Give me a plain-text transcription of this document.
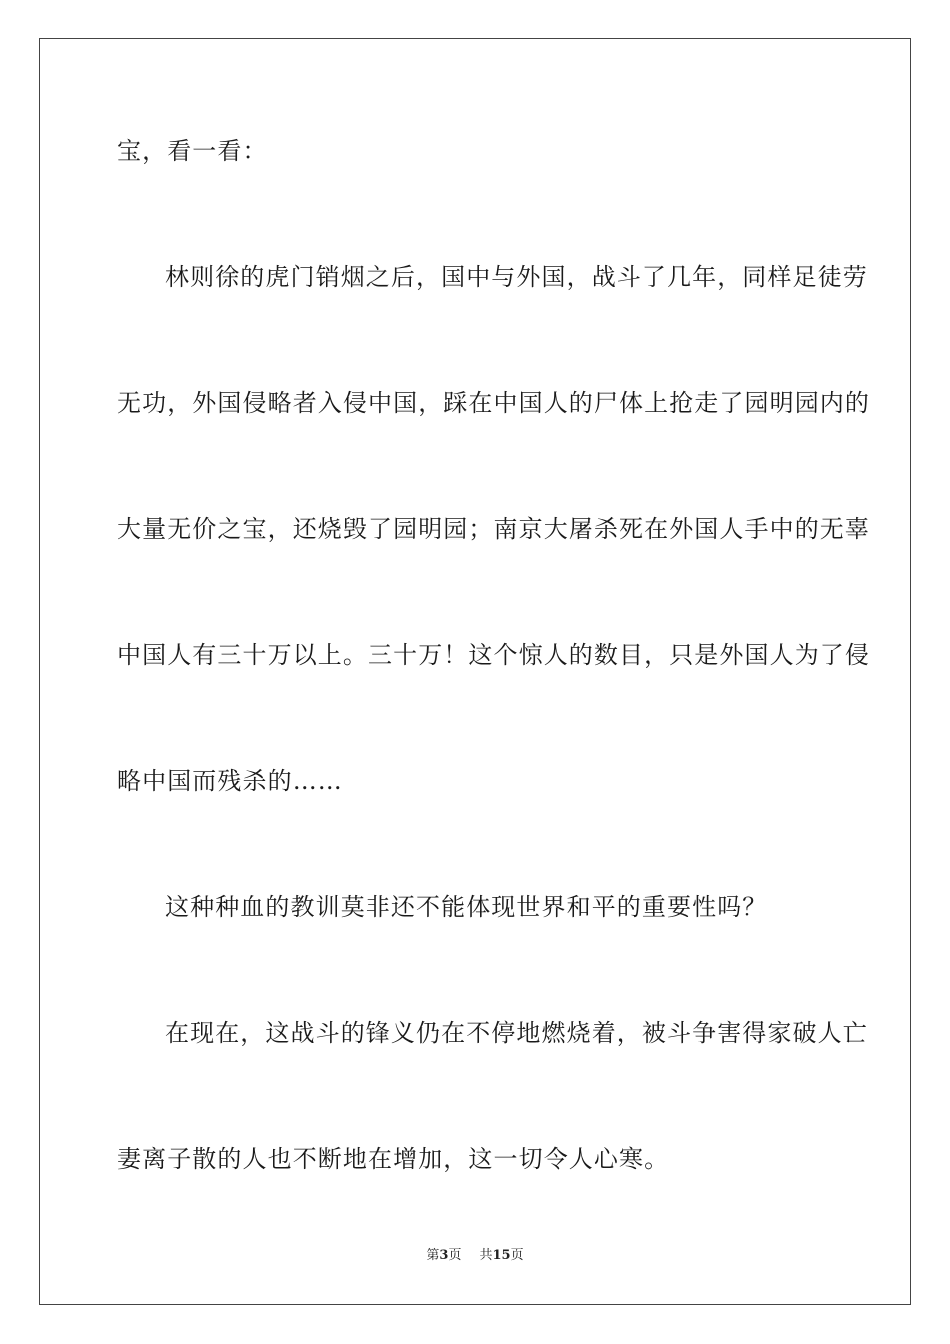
宝，看一看：
林则徐的虎门销烟之后，国中与外国，战斗了几年，同样足徒劳
无功，外国侵略者入侵中国，踩在中国人的尸体上抢走了园明园内的
大量无价之宝，还烧毁了园明园；南京大屠杀死在外国人手中的无辜
中国人有三十万以上。三十万！这个惊人的数目，只是外国人为了侵
略中国而残杀的……
这种种血的教训莫非还不能体现世界和平的重要性吗？
在现在，这战斗的锋义仍在不停地燃烧着，被斗争害得家破人亡
妻离子散的人也不断地在增加，这一切令人心寒。
第3页 共15页
